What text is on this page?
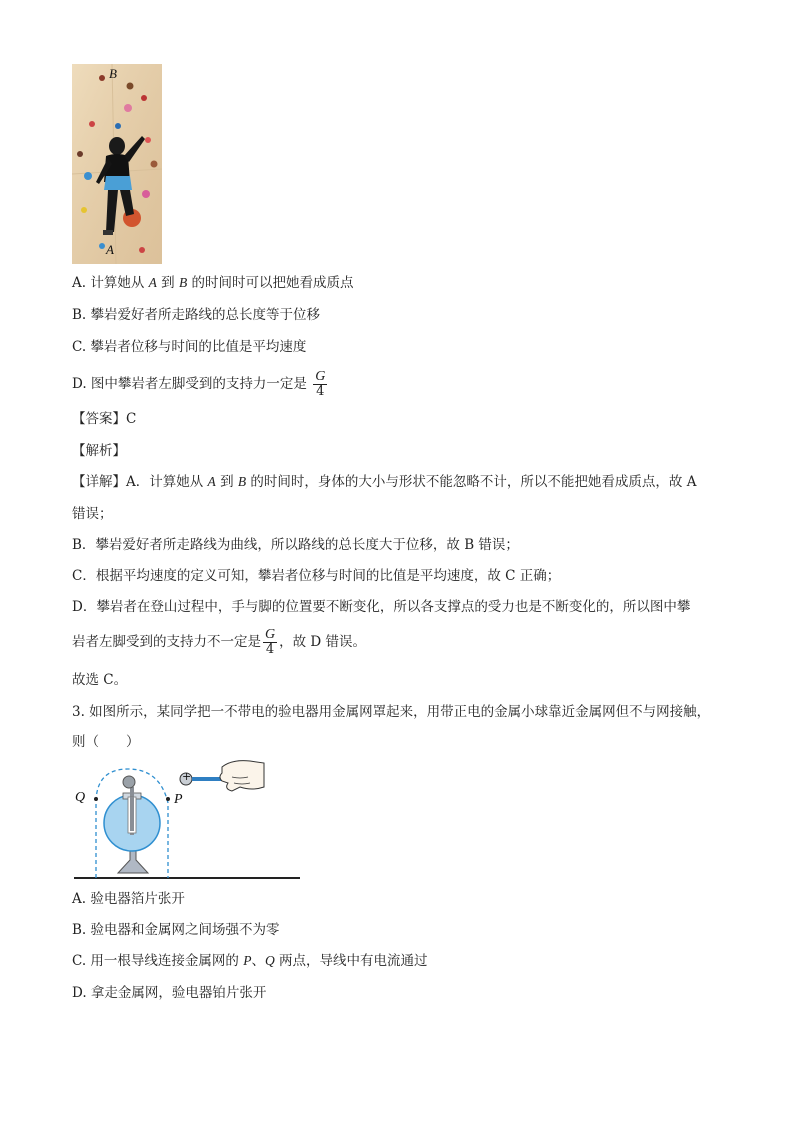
B
A
A. 计算她从 A 到 B 的时间时可以把她看成质点
B. 攀岩爱好者所走路线的总长度等于位移
C. 攀岩者位移与时间的比值是平均速度
D. 图中攀岩者左脚受到的支持力一定是 $\frac{G}{4}$
【答案】C
【解析】
【详解】A．计算她从 A 到 B 的时间时，身体的大小与形状不能忽略不计，所以不能把她看成质点，故 A
错误；
B．攀岩爱好者所走路线为曲线，所以路线的总长度大于位移，故 B 错误；
C．根据平均速度的定义可知，攀岩者位移与时间的比值是平均速度，故 C 正确；
D．攀岩者在登山过程中，手与脚的位置要不断变化，所以各支撑点的受力也是不断变化的，所以图中攀
岩者左脚受到的支持力不一定是 $\frac{G}{4}$ ，故 D 错误。
故选 C。
3. 如图所示，某同学把一不带电的验电器用金属网罩起来，用带正电的金属小球靠近金属网但不与网接触，
则（　　）
+
Q	P
A. 验电器箔片张开
B. 验电器和金属网之间场强不为零
C. 用一根导线连接金属网的 P、Q 两点，导线中有电流通过
D. 拿走金属网，验电器铂片张开
